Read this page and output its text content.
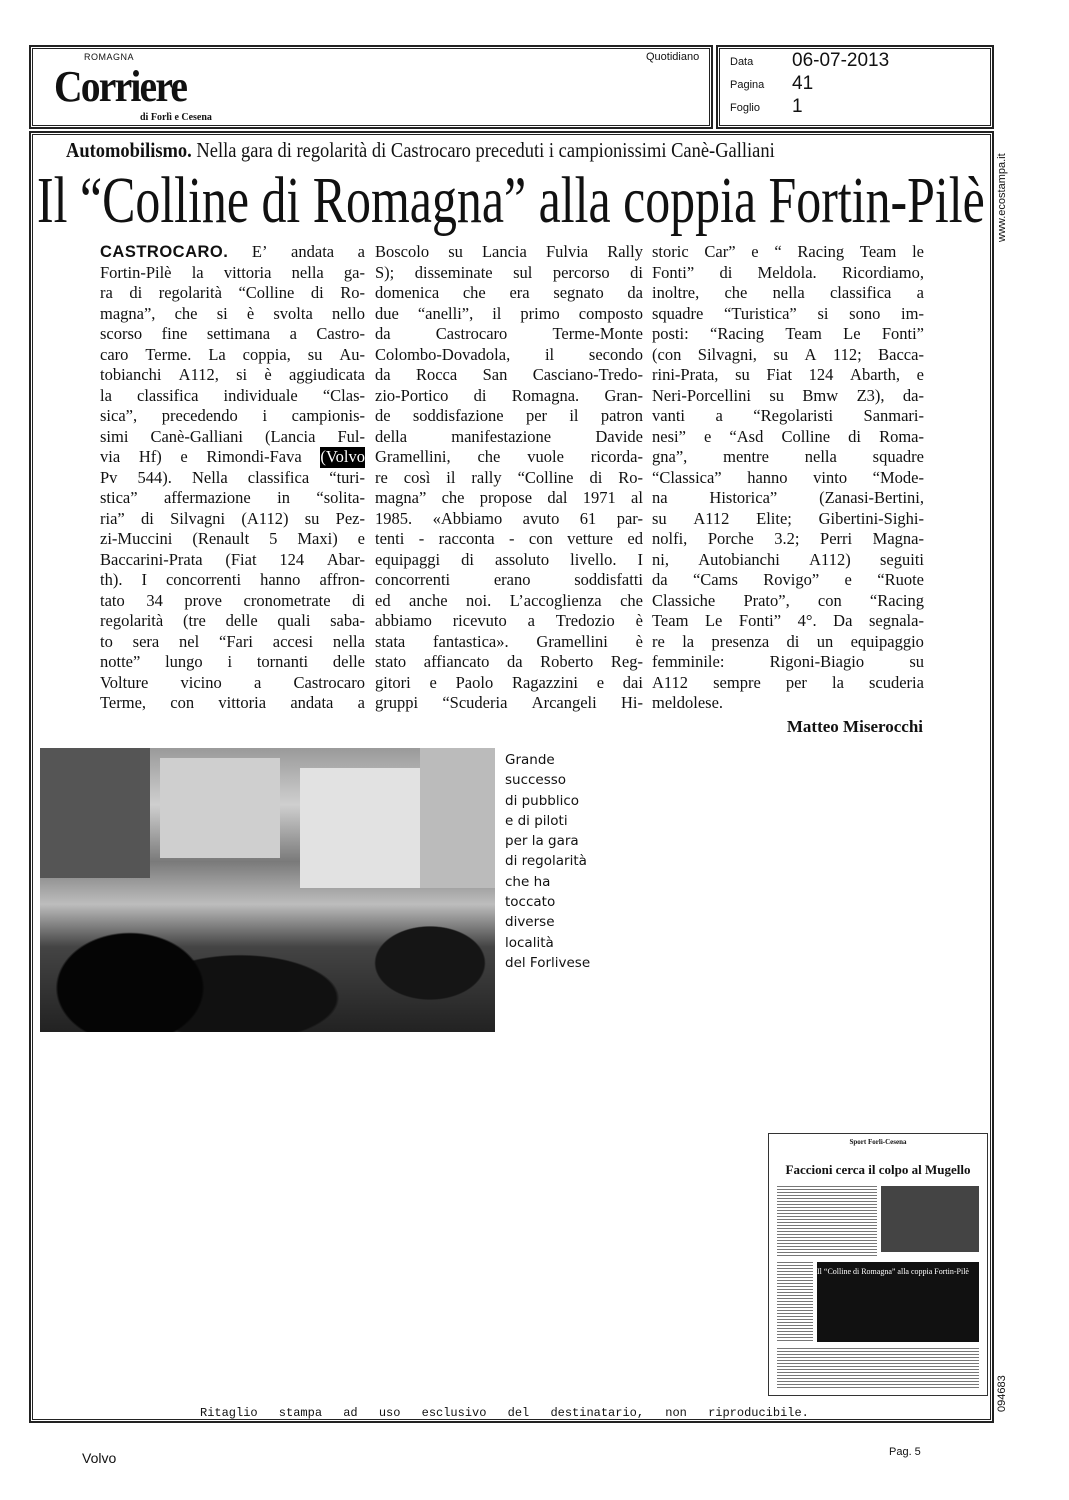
ROMAGNA
Corriere
di Forlì e Cesena
Quotidiano	Data 06-07-2013
Pagina 41
Foglio 1
Automobilismo. Nella gara di regolarità di Castrocaro preceduti i campionissimi Canè-Galliani
Il “Colline di Romagna” alla coppia Fortin-Pilè
CASTROCARO. E’ andata a
Fortin-Pilè la vittoria nella ga-
ra di regolarità “Colline di Ro-
magna”, che si è svolta nello
scorso fine settimana a Castro-
caro Terme. La coppia, su Au-
tobianchi A112, si è aggiudicata
la classifica individuale “Clas-
sica”, precedendo i campionis-
simi Canè-Galliani (Lancia Ful-
via Hf) e Rimondi-Fava (Volvo
Pv 544). Nella classifica “turi-
stica” affermazione in “solita-
ria” di Silvagni (A112) su Pez-
zi-Muccini (Renault 5 Maxi) e
Baccarini-Prata (Fiat 124 Abar-
th). I concorrenti hanno affron-
tato 34 prove cronometrate di
regolarità (tre delle quali saba-
to sera nel “Fari accesi nella
notte” lungo i tornanti delle
Volture vicino a Castrocaro
Terme, con vittoria andata a
Boscolo su Lancia Fulvia Rally
S); disseminate sul percorso di
domenica che era segnato da
due “anelli”, il primo composto
da	Castrocaro	Terme-Monte
Colombo-Dovadola, il secondo
da Rocca San Casciano-Tredo-
zio-Portico di Romagna. Gran-
de soddisfazione per il patron
della	manifestazione	Davide
Gramellini, che vuole ricorda-
re così il rally “Colline di Ro-
magna” che propose dal 1971 al
1985. «Abbiamo avuto 61 par-
tenti - racconta - con vetture ed
equipaggi di assoluto livello. I
concorrenti	erano	soddisfatti
ed anche noi. L’accoglienza che
abbiamo ricevuto a Tredozio è
stata fantastica». Gramellini è
stato affiancato da Roberto Reg-
gitori e Paolo Ragazzini e dai
gruppi “Scuderia Arcangeli Hi-
storic Car” e “ Racing Team le
Fonti” di Meldola. Ricordiamo,
inoltre, che nella classifica a
squadre “Turistica” si sono im-
posti: “Racing Team Le Fonti”
(con Silvagni, su A 112; Bacca-
rini-Prata, su Fiat 124 Abarth, e
Neri-Porcellini su Bmw Z3), da-
vanti a “Regolaristi Sanmari-
nesi” e “Asd Colline di Roma-
gna”, mentre nella squadre
“Classica” hanno vinto “Mode-
na	Historica”	(Zanasi-Bertini,
su A112 Elite; Gibertini-Sighi-
nolfi, Porche 3.2; Perri Magna-
ni, Autobianchi A112) seguiti
da “Cams Rovigo” e “Ruote
Classiche Prato”, con “Racing
Team Le Fonti” 4°. Da segnala-
re la presenza di un equipaggio
femminile:	Rigoni-Biagio	su
A112 sempre per la scuderia
meldolese.
Matteo Miserocchi
Grande
successo
di pubblico
e di piloti
per la gara
di regolarità
che ha
toccato
diverse
località
del Forlivese
Sport Forlì-Cesena
Faccioni cerca il colpo al Mugello
Il “Colline di Romagna” alla coppia Fortin-Pilè
www.ecostampa.it
094683
Ritaglio stampa ad uso esclusivo del destinatario, non riproducibile.
Volvo	Pag. 5
